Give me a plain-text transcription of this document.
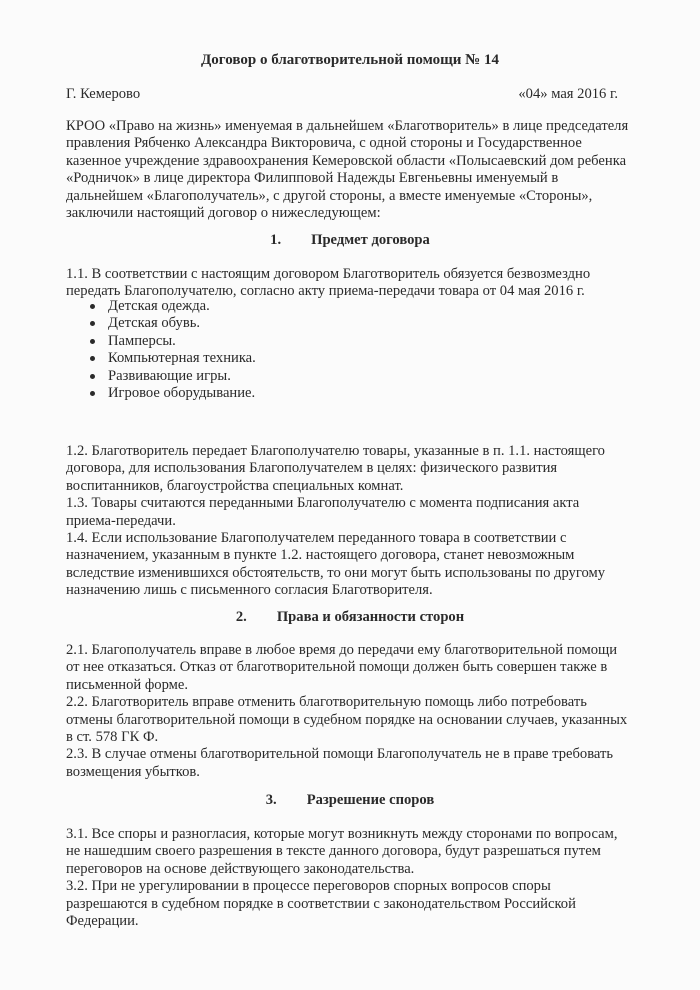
Договор о благотворительной помощи № 14
Г. Кемерово	«04» мая 2016 г.

КРОО «Право на жизнь» именуемая в дальнейшем «Благотворитель» в лице председателя

правления Рябченко Александра Викторовича, с одной стороны и Государственное

казенное учреждение здравоохранения Кемеровской области «Полысаевский дом ребенка

«Родничок» в лице директора Филипповой Надежды Евгеньевны именуемый в

дальнейшем «Благополучатель», с другой стороны, а вместе именуемые «Стороны»,

заключили настоящий договор о нижеследующем:

1. Предмет договора

1.1. В соответствии с настоящим договором Благотворитель обязуется безвозмездно

передать Благополучателю, согласно акту приема-передачи товара от 04 мая 2016 г.

Детская одежда.
Детская обувь.
Памперсы.
Компьютерная техника.
Развивающие игры.
Игровое оборудывание.

1.2. Благотворитель передает Благополучателю товары, указанные в п. 1.1. настоящего

договора, для использования Благополучателем в целях: физического развития

воспитанников, благоустройства специальных комнат.

1.3. Товары считаются переданными Благополучателю с момента подписания акта

приема-передачи.

1.4. Если использование Благополучателем переданного товара в соответствии с

назначением, указанным в пункте 1.2. настоящего договора, станет невозможным

вследствие изменившихся обстоятельств, то они могут быть использованы по другому

назначению лишь с письменного согласия Благотворителя.

2. Права и обязанности сторон

2.1. Благополучатель вправе в любое время до передачи ему благотворительной помощи

от нее отказаться. Отказ от благотворительной помощи должен быть совершен также в

письменной форме.

2.2. Благотворитель вправе отменить благотворительную помощь либо потребовать

отмены благотворительной помощи в судебном порядке на основании случаев, указанных

в ст. 578 ГК Ф.

2.3. В случае отмены благотворительной помощи Благополучатель не в праве требовать

возмещения убытков.

3. Разрешение споров

3.1. Все споры и разногласия, которые могут возникнуть между сторонами по вопросам,

не нашедшим своего разрешения в тексте данного договора, будут разрешаться путем

переговоров на основе действующего законодательства.

3.2. При не урегулировании в процессе переговоров спорных вопросов споры

разрешаются в судебном порядке в соответствии с законодательством Российской

Федерации.
